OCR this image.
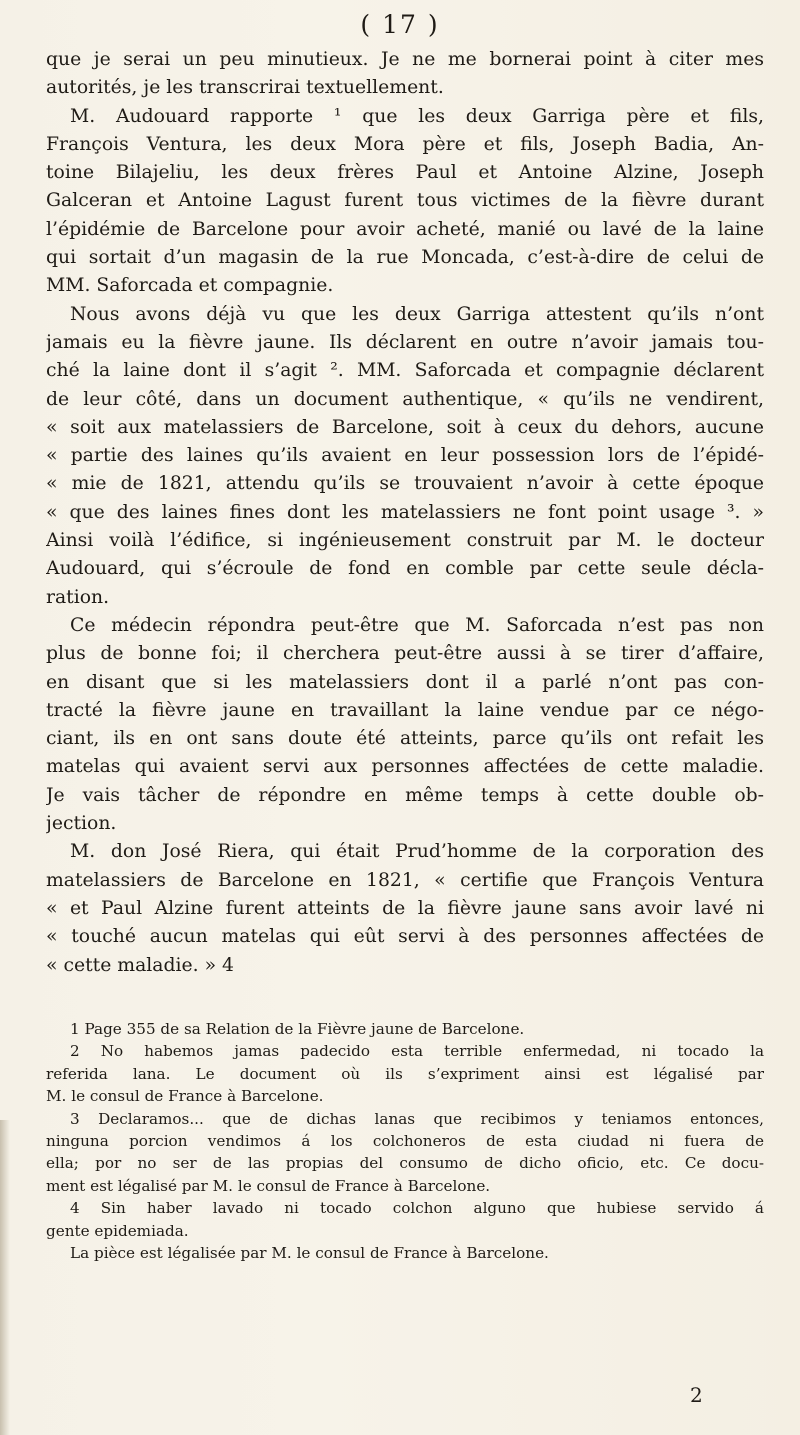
( 17 )
que je serai un peu minutieux. Je ne me bornerai point à citer mes
autorités, je les transcrirai textuellement.
M. Audouard rapporte ¹ que les deux Garriga père et fils,
François Ventura, les deux Mora père et fils, Joseph Badia, An-
toine Bilajeliu, les deux frères Paul et Antoine Alzine, Joseph
Galceran et Antoine Lagust furent tous victimes de la fièvre durant
l’épidémie de Barcelone pour avoir acheté, manié ou lavé de la laine
qui sortait d’un magasin de la rue Moncada, c’est-à-dire de celui de
MM. Saforcada et compagnie.
Nous avons déjà vu que les deux Garriga attestent qu’ils n’ont
jamais eu la fièvre jaune. Ils déclarent en outre n’avoir jamais tou-
ché la laine dont il s’agit ². MM. Saforcada et compagnie déclarent
de leur côté, dans un document authentique, « qu’ils ne vendirent,
« soit aux matelassiers de Barcelone, soit à ceux du dehors, aucune
« partie des laines qu’ils avaient en leur possession lors de l’épidé-
« mie de 1821, attendu qu’ils se trouvaient n’avoir à cette époque
« que des laines fines dont les matelassiers ne font point usage ³. »
Ainsi voilà l’édifice, si ingénieusement construit par M. le docteur
Audouard, qui s’écroule de fond en comble par cette seule décla-
ration.
Ce médecin répondra peut-être que M. Saforcada n’est pas non
plus de bonne foi; il cherchera peut-être aussi à se tirer d’affaire,
en disant que si les matelassiers dont il a parlé n’ont pas con-
tracté la fièvre jaune en travaillant la laine vendue par ce négo-
ciant, ils en ont sans doute été atteints, parce qu’ils ont refait les
matelas qui avaient servi aux personnes affectées de cette maladie.
Je vais tâcher de répondre en même temps à cette double ob-
jection.
M. don José Riera, qui était Prud’homme de la corporation des
matelassiers de Barcelone en 1821, « certifie que François Ventura
« et Paul Alzine furent atteints de la fièvre jaune sans avoir lavé ni
« touché aucun matelas qui eût servi à des personnes affectées de
« cette maladie. » 4
1 Page 355 de sa Relation de la Fièvre jaune de Barcelone.
2 No habemos jamas padecido esta terrible enfermedad, ni tocado la
referida lana. Le document où ils s’expriment ainsi est légalisé par
M. le consul de France à Barcelone.
3 Declaramos... que de dichas lanas que recibimos y teniamos entonces,
ninguna porcion vendimos á los colchoneros de esta ciudad ni fuera de
ella; por no ser de las propias del consumo de dicho oficio, etc. Ce docu-
ment est légalisé par M. le consul de France à Barcelone.
4 Sin haber lavado ni tocado colchon alguno que hubiese servido á
gente epidemiada.
La pièce est légalisée par M. le consul de France à Barcelone.
2
